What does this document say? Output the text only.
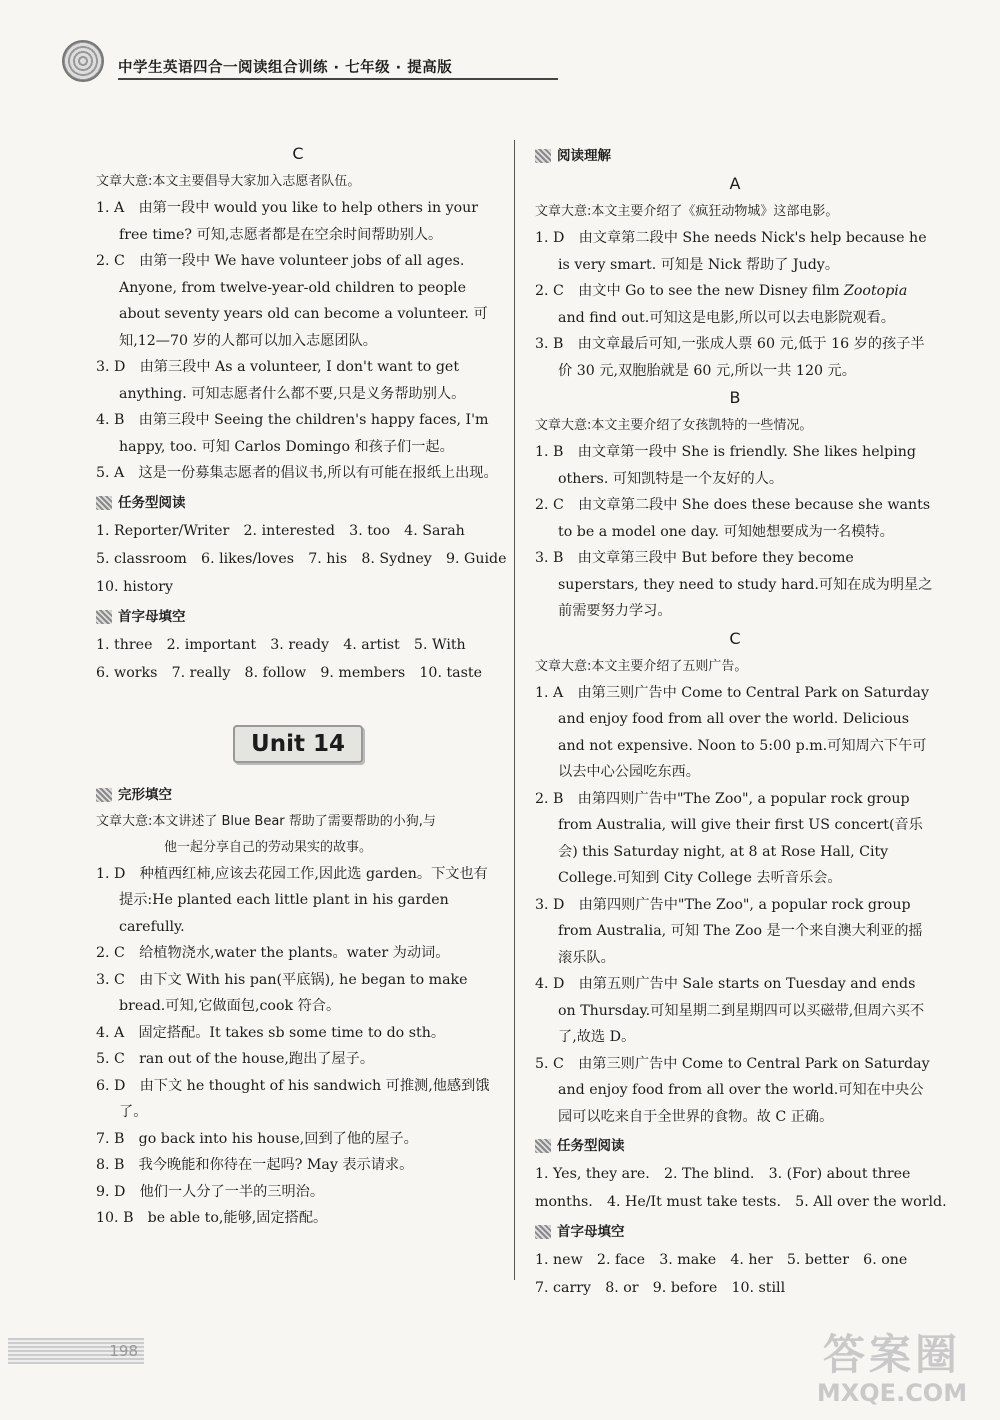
中学生英语四合一阅读组合训练 · 七年级 · 提高版
C
文章大意:本文主要倡导大家加入志愿者队伍。
1. A　由第一段中 would you like to help others in your free time? 可知,志愿者都是在空余时间帮助别人。
2. C　由第一段中 We have volunteer jobs of all ages. Anyone, from twelve-year-old children to people about seventy years old can become a volunteer. 可知,12—70 岁的人都可以加入志愿团队。
3. D　由第三段中 As a volunteer, I don't want to get anything. 可知志愿者什么都不要,只是义务帮助别人。
4. B　由第三段中 Seeing the children's happy faces, I'm happy, too. 可知 Carlos Domingo 和孩子们一起。
5. A　这是一份募集志愿者的倡议书,所以有可能在报纸上出现。
任务型阅读
1. Reporter/Writer　2. interested　3. too　4. Sarah
5. classroom　6. likes/loves　7. his　8. Sydney　9. Guide
10. history
首字母填空
1. three　2. important　3. ready　4. artist　5. With
6. works　7. really　8. follow　9. members　10. taste
Unit 14
完形填空
文章大意:本文讲述了 Blue Bear 帮助了需要帮助的小狗,与
他一起分享自己的劳动果实的故事。
1. D　种植西红柿,应该去花园工作,因此选 garden。下文也有提示:He planted each little plant in his garden carefully.
2. C　给植物浇水,water the plants。water 为动词。
3. C　由下文 With his pan(平底锅), he began to make bread.可知,它做面包,cook 符合。
4. A　固定搭配。It takes sb some time to do sth。
5. C　ran out of the house,跑出了屋子。
6. D　由下文 he thought of his sandwich 可推测,他感到饿了。
7. B　go back into his house,回到了他的屋子。
8. B　我今晚能和你待在一起吗? May 表示请求。
9. D　他们一人分了一半的三明治。
10. B　be able to,能够,固定搭配。
阅读理解
A
文章大意:本文主要介绍了《疯狂动物城》这部电影。
1. D　由文章第二段中 She needs Nick's help because he is very smart. 可知是 Nick 帮助了 Judy。
2. C　由文中 Go to see the new Disney film Zootopia and find out.可知这是电影,所以可以去电影院观看。
3. B　由文章最后可知,一张成人票 60 元,低于 16 岁的孩子半价 30 元,双胞胎就是 60 元,所以一共 120 元。
B
文章大意:本文主要介绍了女孩凯特的一些情况。
1. B　由文章第一段中 She is friendly. She likes helping others. 可知凯特是一个友好的人。
2. C　由文章第二段中 She does these because she wants to be a model one day. 可知她想要成为一名模特。
3. B　由文章第三段中 But before they become superstars, they need to study hard.可知在成为明星之前需要努力学习。
C
文章大意:本文主要介绍了五则广告。
1. A　由第三则广告中 Come to Central Park on Saturday and enjoy food from all over the world. Delicious and not expensive. Noon to 5:00 p.m.可知周六下午可以去中心公园吃东西。
2. B　由第四则广告中"The Zoo", a popular rock group from Australia, will give their first US concert(音乐会) this Saturday night, at 8 at Rose Hall, City College.可知到 City College 去听音乐会。
3. D　由第四则广告中"The Zoo", a popular rock group from Australia, 可知 The Zoo 是一个来自澳大利亚的摇滚乐队。
4. D　由第五则广告中 Sale starts on Tuesday and ends on Thursday.可知星期二到星期四可以买磁带,但周六买不了,故选 D。
5. C　由第三则广告中 Come to Central Park on Saturday and enjoy food from all over the world.可知在中央公园可以吃来自于全世界的食物。故 C 正确。
任务型阅读
1. Yes, they are.　2. The blind.　3. (For) about three
months.　4. He/It must take tests.　5. All over the world.
首字母填空
1. new　2. face　3. make　4. her　5. better　6. one
7. carry　8. or　9. before　10. still
198	答案圈
MXQE.COM
